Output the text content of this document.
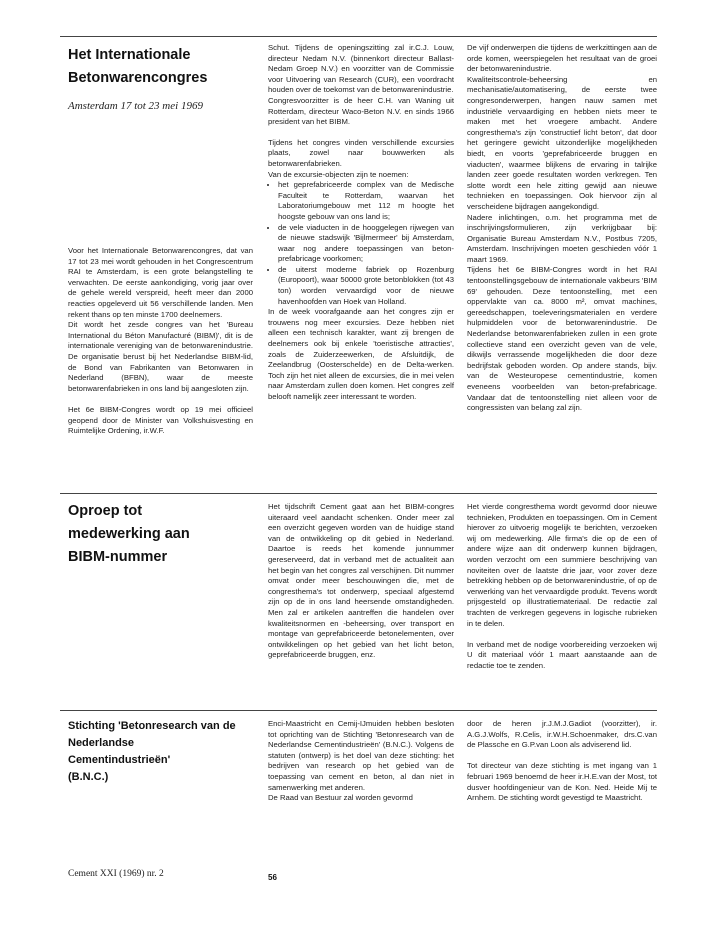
Het Internationale
Betonwarencongres
Amsterdam 17 tot 23 mei 1969

Voor het Internationale Betonwarencongres, dat van 17 tot 23 mei wordt gehouden in het Congrescentrum RAI te Amsterdam, is een grote belangstelling te verwachten. De eerste aankondiging, vorig jaar over de gehele wereld verspreid, heeft meer dan 2000 reacties opgeleverd uit 56 verschillende landen. Men rekent thans op ten minste 1700 deelnemers.

Dit wordt het zesde congres van het 'Bureau International du Béton Manufacturé (BIBM)', dit is de internationale vereniging van de betonwarenindustrie. De organisatie berust bij het Nederlandse BIBM-lid, de Bond van Fabrikanten van Betonwaren in Nederland (BFBN), waar de meeste betonwarenfabrieken in ons land bij aangesloten zijn.

Het 6e BIBM-Congres wordt op 19 mei officieel geopend door de Minister van Volkshuisvesting en Ruimtelijke Ordening, ir.W.F.

Schut. Tijdens de openingszitting zal ir.C.J. Louw, directeur Nedam N.V. (binnenkort directeur Ballast-Nedam Groep N.V.) en voorzitter van de Commissie voor Uitvoering van Research (CUR), een voordracht houden over de toekomst van de betonwarenindustrie.

Congresvoorzitter is de heer C.H. van Waning uit Rotterdam, directeur Waco-Beton N.V. en sinds 1966 president van het BIBM.

Tijdens het congres vinden verschillende excursies plaats, zowel naar bouwwerken als betonwarenfabrieken.

Van de excursie-objecten zijn te noemen:

• het geprefabriceerde complex van de Medische Faculteit te Rotterdam, waarvan het Laboratoriumgebouw met 112 m hoogte het hoogste gebouw van ons land is;
• de vele viaducten in de hooggelegen rijwegen van de nieuwe stadswijk 'Bijlmermeer' bij Amsterdam, waar nog andere toepassingen van beton-prefabricage voorkomen;
• de uiterst moderne fabriek op Rozenburg (Europoort), waar 50000 grote betonblokken (tot 43 ton) worden vervaardigd voor de nieuwe havenhoofden van Hoek van Holland.

In de week voorafgaande aan het congres zijn er trouwens nog meer excursies. Deze hebben niet alleen een technisch karakter, want zij brengen de deelnemers ook bij enkele 'toeristische attracties', zoals de Zuiderzeewerken, de Afsluitdijk, de Zeelandbrug (Oosterschelde) en de Delta-werken. Toch zijn het niet alleen de excursies, die in mei velen naar Amsterdam zullen doen komen. Het congres zelf belooft namelijk zeer interessant te worden.

De vijf onderwerpen die tijdens de werkzittingen aan de orde komen, weerspiegelen het resultaat van de groei der betonwarenindustrie.

Kwaliteitscontrole-beheersing en mechanisatie/automatisering, de eerste twee congresonderwerpen, hangen nauw samen met industriële vervaardiging en hebben niets meer te maken met het vroegere ambacht. Andere congresthema's zijn 'constructief licht beton', dat door het geringere gewicht uitzonderlijke mogelijkheden biedt, en voorts 'geprefabriceerde bruggen en viaducten', waarmee blijkens de ervaring in talrijke landen zeer goede resultaten worden verkregen. Ten slotte wordt een hele zitting gewijd aan nieuwe technieken en toepassingen. Ook hiervoor zijn al verscheidene bijdragen aangekondigd.

Nadere inlichtingen, o.m. het programma met de inschrijvingsformulieren, zijn verkrijgbaar bij: Organisatie Bureau Amsterdam N.V., Postbus 7205, Amsterdam. Inschrijvingen moeten geschieden vóór 1 maart 1969.

Tijdens het 6e BIBM-Congres wordt in het RAI tentoonstellingsgebouw de internationale vakbeurs 'BIM 69' gehouden. Deze tentoonstelling, met een oppervlakte van ca. 8000 m², omvat machines, gereedschappen, toeleveringsmaterialen en verdere hulpmiddelen voor de betonwarenindustrie. De Nederlandse betonwarenfabrieken zullen in een grote collectieve stand een overzicht geven van de vele, dikwijls verrassende mogelijkheden die door deze bedrijfstak geboden worden. Op andere stands, bijv. van de Westeuropese cementindustrie, komen eveneens voorbeelden van beton-prefabricage. Vandaar dat de tentoonstelling niet alleen voor de congressisten van belang zal zijn.

Oproep tot
medewerking aan
BIBM-nummer

Het tijdschrift Cement gaat aan het BIBM-congres uiteraard veel aandacht schenken. Onder meer zal een overzicht gegeven worden van de huidige stand van de ontwikkeling op dit gebied in Nederland. Daartoe is reeds het komende junnummer gereserveerd, dat in verband met de actualiteit aan het begin van het congres zal verschijnen. Dit nummer omvat onder meer beschouwingen die, met de congresthema's tot onderwerp, speciaal afgestemd zijn op de in ons land heersende omstandigheden. Men zal er artikelen aantreffen die handelen over kwaliteitsnormen en -beheersing, over transport en montage van geprefabriceerde betonelementen, over ontwikkelingen op het gebied van het licht beton, geprefabriceerde bruggen, enz.

Het vierde congresthema wordt gevormd door nieuwe technieken, Produkten en toepassingen. Om in Cement hierover zo uitvoerig mogelijk te berichten, verzoeken wij om medewerking. Alle firma's die op de een of andere wijze aan dit onderwerp kunnen bijdragen, worden verzocht om een summiere beschrijving van noviteiten over de laatste drie jaar, voor zover deze betrekking hebben op de betonwarenindustrie, of op de verwerking van het vervaardigde produkt. Tevens wordt prijsgesteld op illustratiemateriaal. De redactie zal trachten de verkregen gegevens in logische rubrieken in te delen.

In verband met de nodige voorbereiding verzoeken wij U dit materiaal vóór 1 maart aanstaande aan de redactie toe te zenden.

Stichting 'Betonresearch van de
Nederlandse
Cementindustrieën'
(B.N.C.)

Enci-Maastricht en Cemij-IJmuiden hebben besloten tot oprichting van de Stichting 'Betonresearch van de Nederlandse Cementindustrieën' (B.N.C.). Volgens de statuten (ontwerp) is het doel van deze stichting: het bedrijven van research op het gebied van de toepassing van cement en beton, al dan niet in samenwerking met anderen.

De Raad van Bestuur zal worden gevormd

door de heren jr.J.M.J.Gadiot (voorzitter), ir. A.G.J.Wolfs, R.Celis, ir.W.H.Schoenmaker, drs.C.van de Plassche en G.P.van Loon als adviserend lid.

Tot directeur van deze stichting is met ingang van 1 februari 1969 benoemd de heer ir.H.E.van der Most, tot dusver hoofdingenieur van de Kon. Ned. Heide Mij te Arnhem. De stichting wordt gevestigd te Maastricht.

Cement XXI (1969) nr. 2	56
